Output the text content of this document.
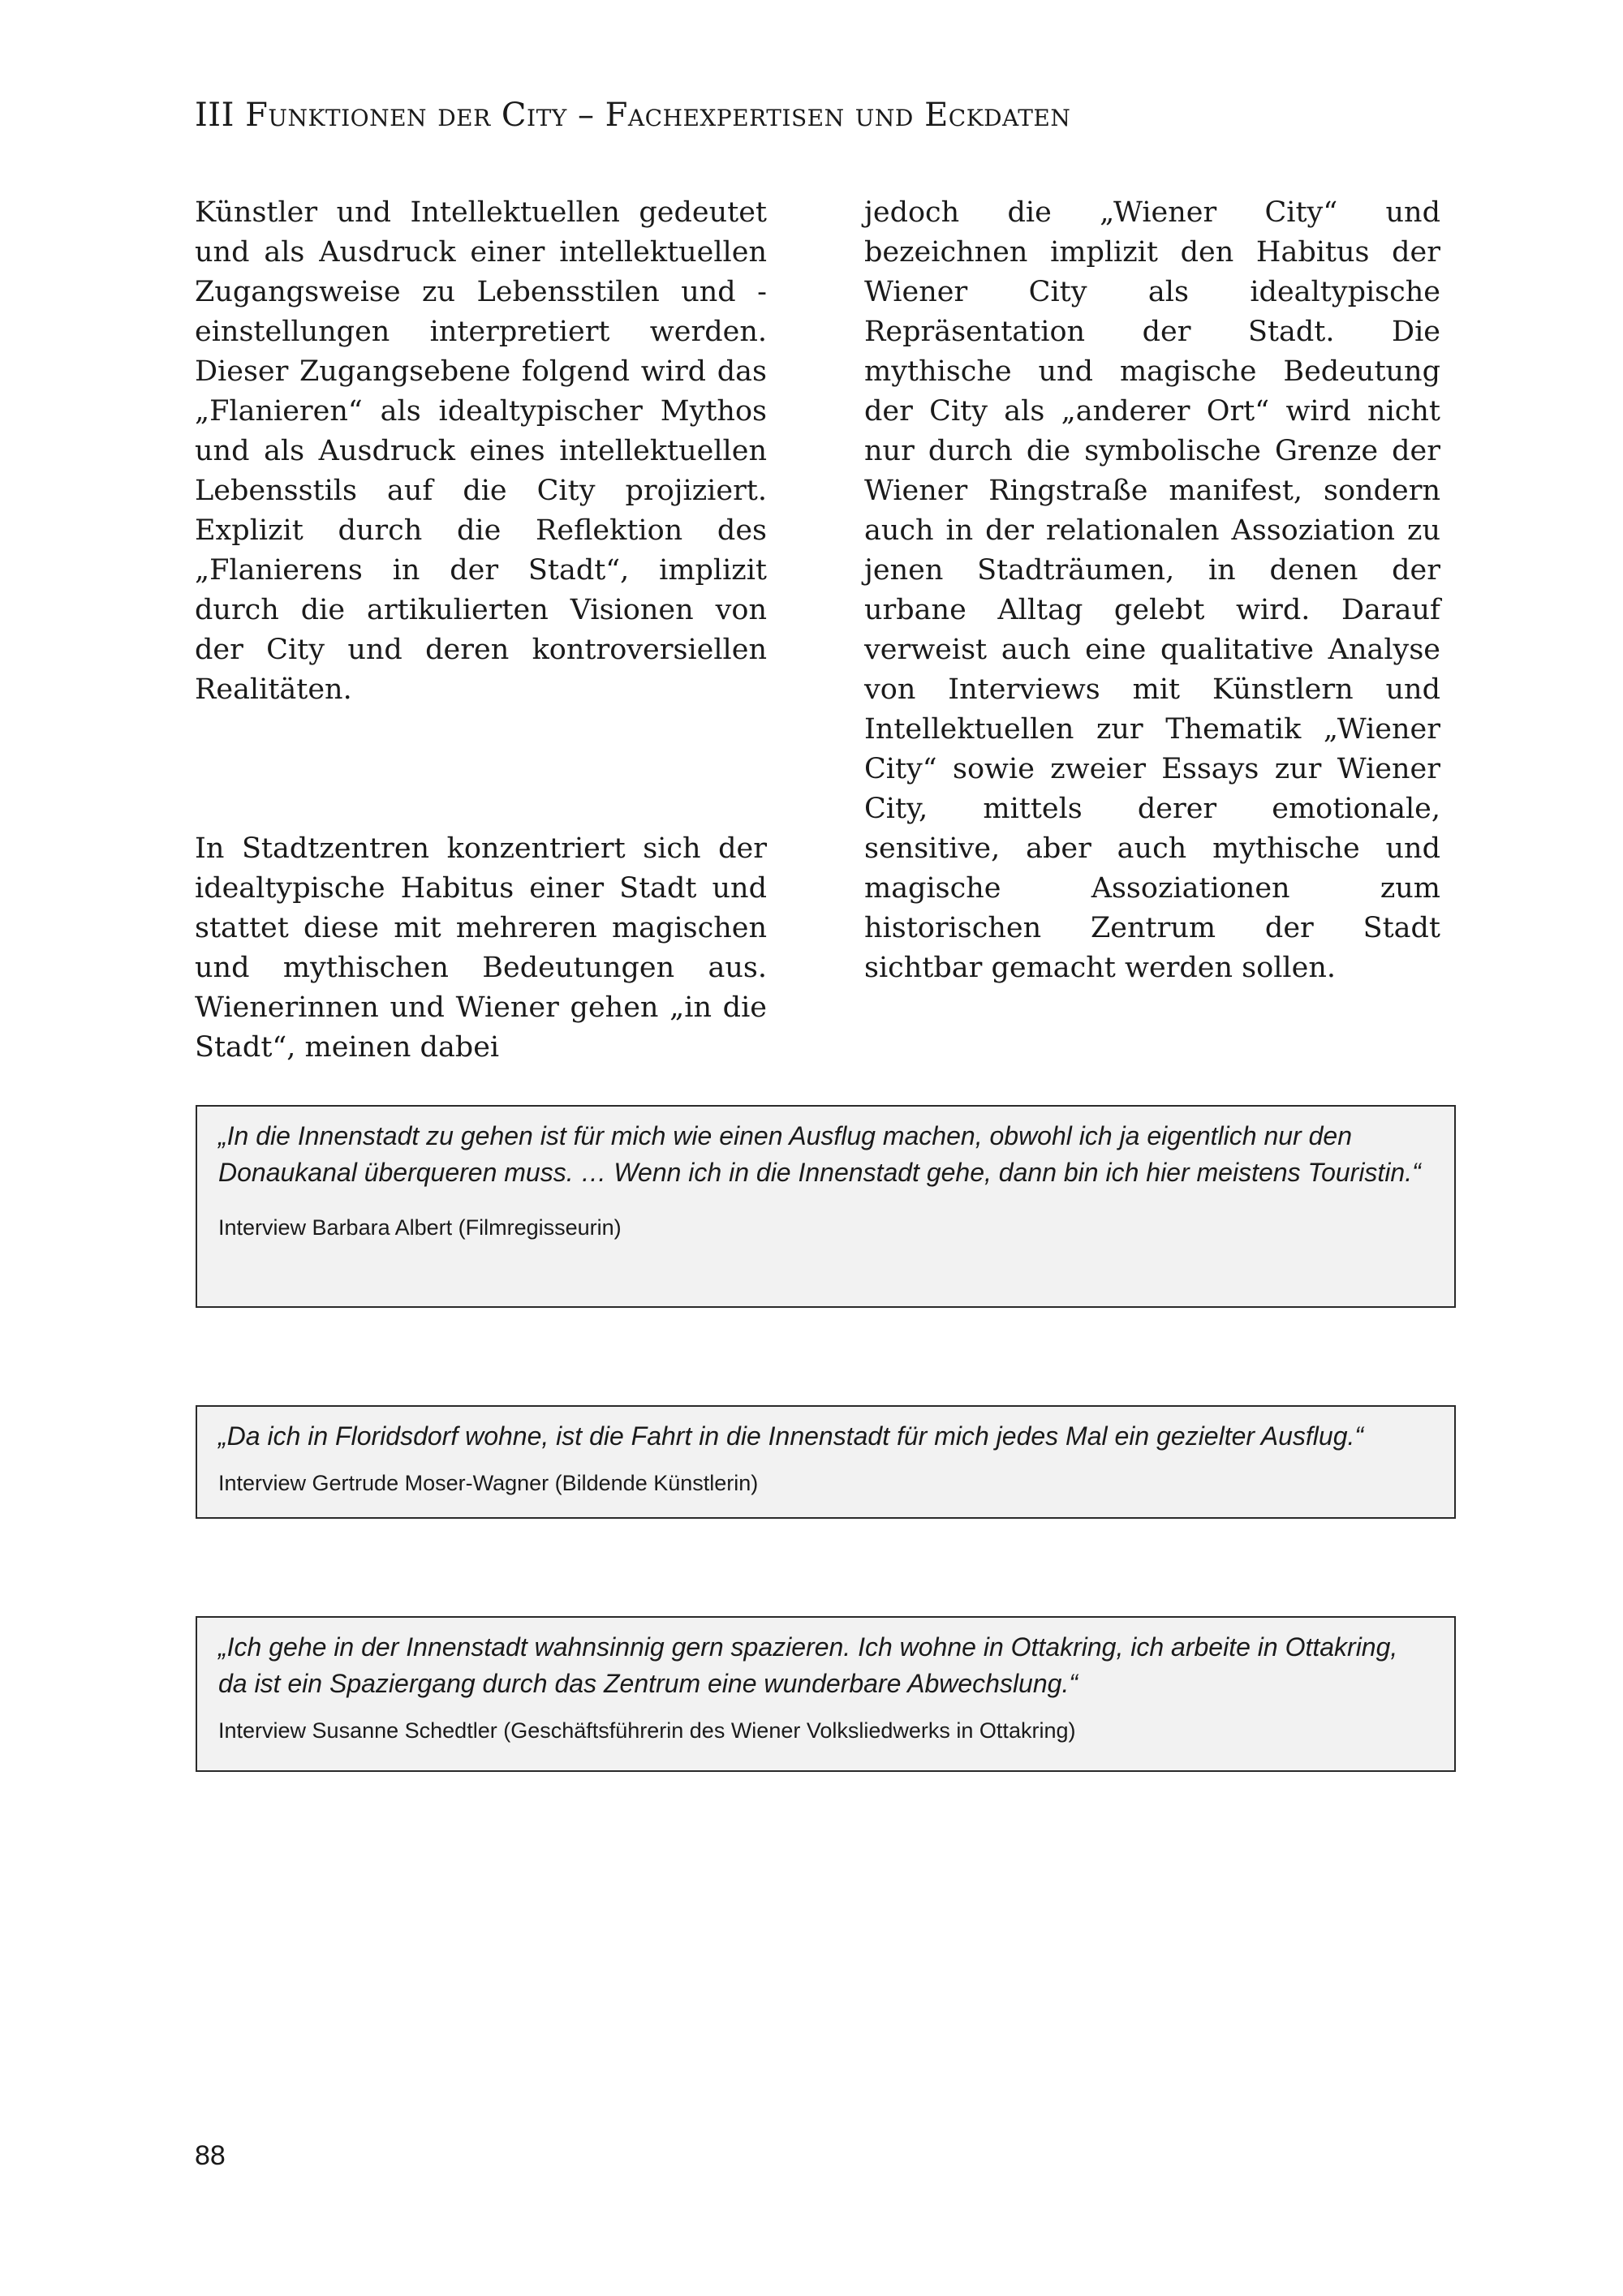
III Funktionen der City – Fachexpertisen und Eckdaten

Künstler und Intellektuellen gedeutet und als Ausdruck einer intellektuellen Zugangsweise zu Lebensstilen und -einstellungen interpretiert werden. Dieser Zugangsebene folgend wird das „Flanieren“ als idealtypischer Mythos und als Ausdruck eines intellektuellen Lebensstils auf die City projiziert. Explizit durch die Reflektion des „Flanierens in der Stadt“, implizit durch die artikulierten Visionen von der City und deren kontroversiellen Realitäten.

In Stadtzentren konzentriert sich der idealtypische Habitus einer Stadt und stattet diese mit mehreren magischen und mythischen Bedeutungen aus. Wienerinnen und Wiener gehen „in die Stadt“, meinen dabei

jedoch die „Wiener City“ und bezeichnen implizit den Habitus der Wiener City als idealtypische Repräsentation der Stadt. Die mythische und magische Bedeutung der City als „anderer Ort“ wird nicht nur durch die symbolische Grenze der Wiener Ringstraße manifest, sondern auch in der relationalen Assoziation zu jenen Stadträumen, in denen der urbane Alltag gelebt wird. Darauf verweist auch eine qualitative Analyse von Interviews mit Künstlern und Intellektuellen zur Thematik „Wiener City“ sowie zweier Essays zur Wiener City, mittels derer emotionale, sensitive, aber auch mythische und magische Assoziationen zum historischen Zentrum der Stadt sichtbar gemacht werden sollen.

„In die Innenstadt zu gehen ist für mich wie einen Ausflug machen, obwohl ich ja eigentlich nur den Donaukanal überqueren muss. … Wenn ich in die Innenstadt gehe, dann bin ich hier meistens Touristin.“

Interview Barbara Albert (Filmregisseurin)

„Da ich in Floridsdorf wohne, ist die Fahrt in die Innenstadt für mich jedes Mal ein gezielter Ausflug.“

Interview Gertrude Moser-Wagner (Bildende Künstlerin)

„Ich gehe in der Innenstadt wahnsinnig gern spazieren. Ich wohne in Ottakring, ich arbeite in Ottakring, da ist ein Spaziergang durch das Zentrum eine wunderbare Abwechslung.“

Interview Susanne Schedtler (Geschäftsführerin des Wiener Volksliedwerks in Ottakring)

88
